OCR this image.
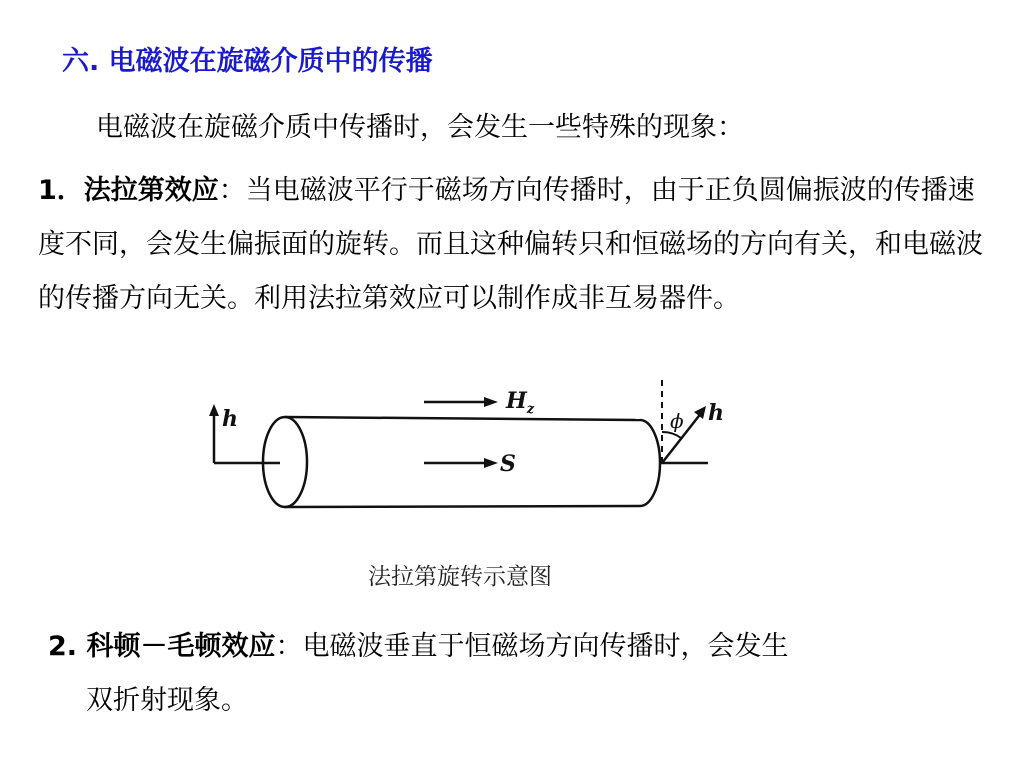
六. 电磁波在旋磁介质中的传播
电磁波在旋磁介质中传播时，会发生一些特殊的现象：
1．法拉第效应：当电磁波平行于磁场方向传播时，由于正负圆偏振波的传播速度不同，会发生偏振面的旋转。而且这种偏转只和恒磁场的方向有关，和电磁波的传播方向无关。利用法拉第效应可以制作成非互易器件。
h
$H_z$
S
ϕ h
法拉第旋转示意图
2. 科顿－毛顿效应：电磁波垂直于恒磁场方向传播时，会发生
双折射现象。
